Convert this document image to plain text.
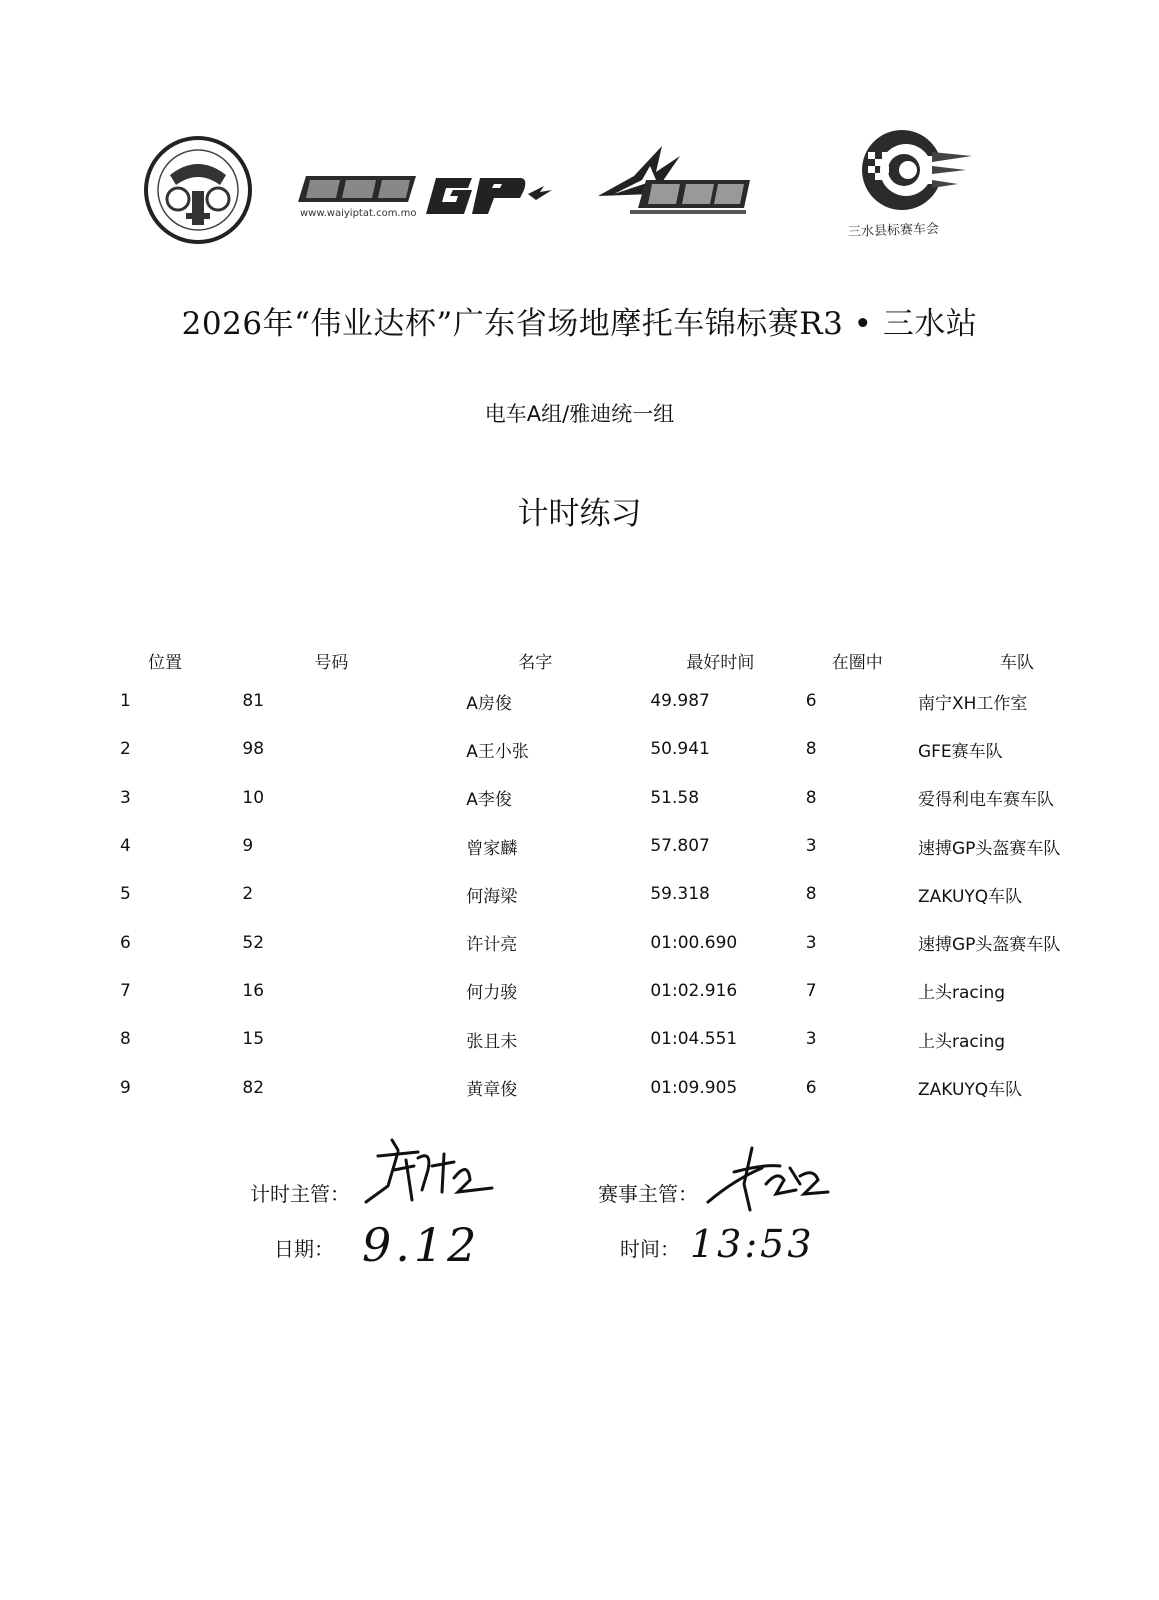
www.waiyiptat.com.mo
三水县标赛车会
2026年“伟业达杯”广东省场地摩托车锦标赛R3 • 三水站
电车A组/雅迪统一组
计时练习
位置	号码	名字	最好时间	在圈中	车队
1	81	A房俊	49.987	6	南宁XH工作室
2	98	A王小张	50.941	8	GFE赛车队
3	10	A李俊	51.58	8	爱得利电车赛车队
4	9	曾家麟	57.807	3	速搏GP头盔赛车队
5	2	何海梁	59.318	8	ZAKUYQ车队
6	52	许计亮	01:00.690	3	速搏GP头盔赛车队
7	16	何力骏	01:02.916	7	上头racing
8	15	张且未	01:04.551	3	上头racing
9	82	黄章俊	01:09.905	6	ZAKUYQ车队
计时主管：	赛事主管：
日期： 9.12	时间： 13:53
